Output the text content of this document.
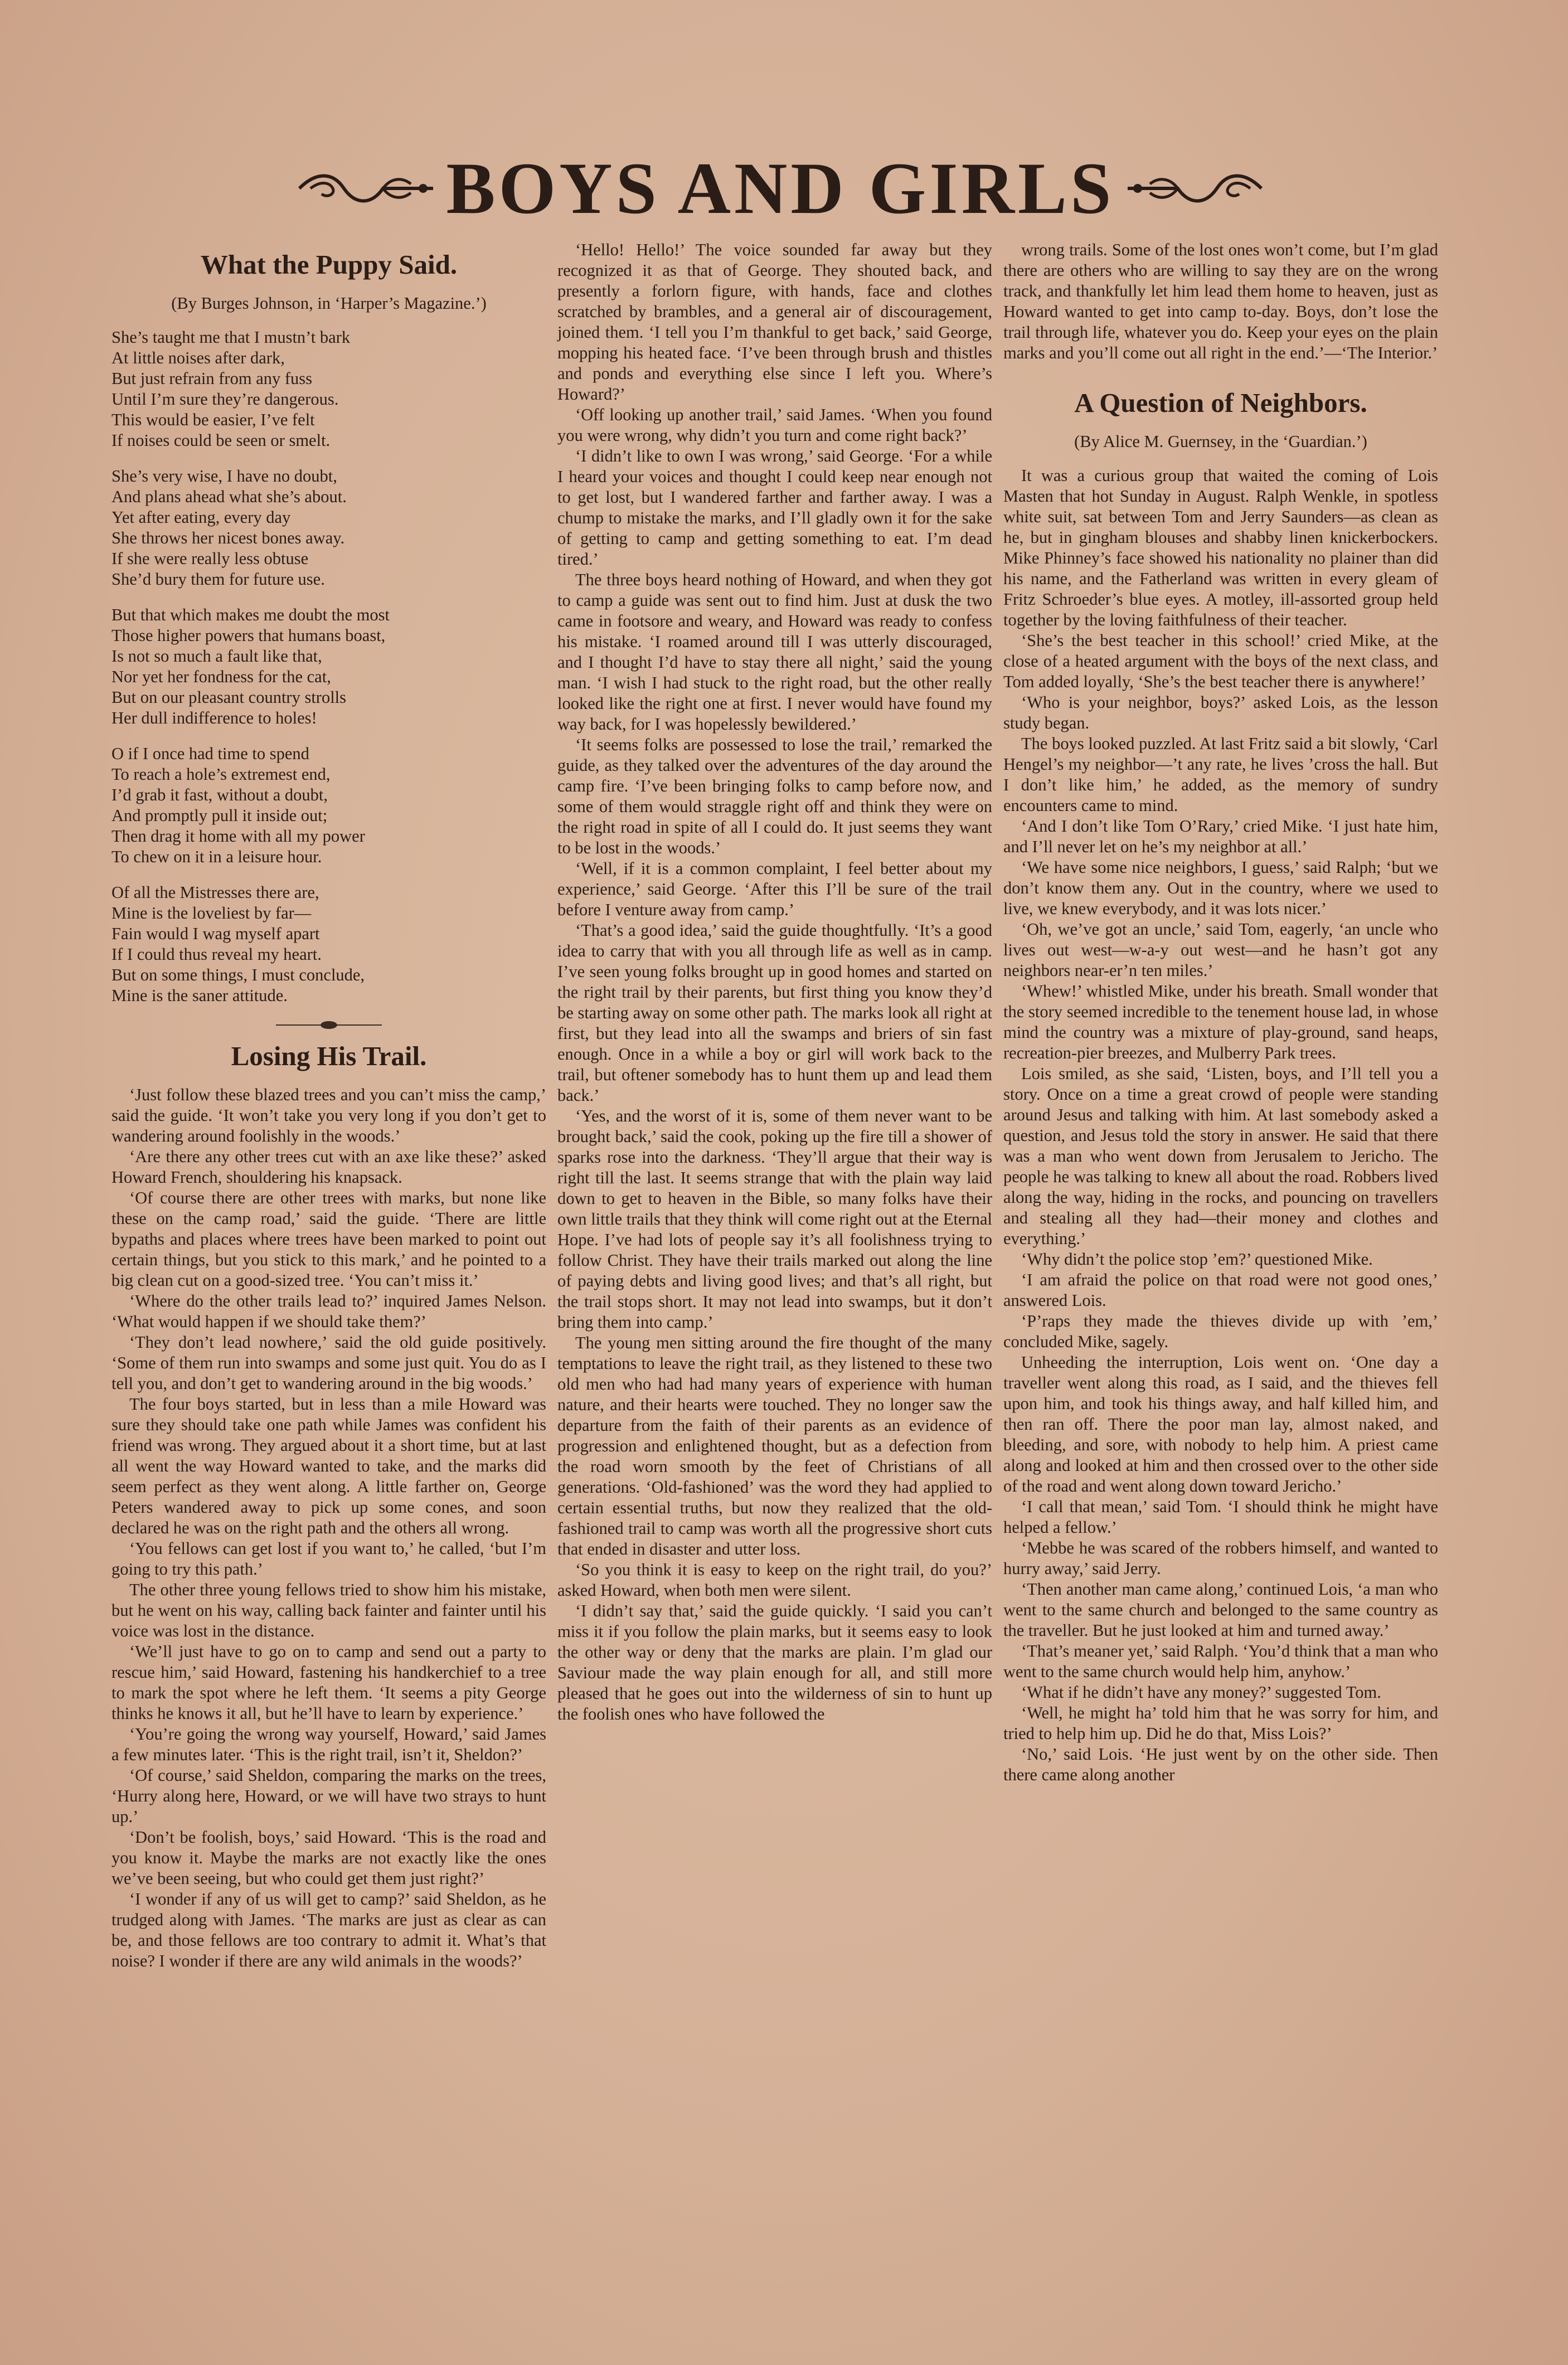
BOYS AND GIRLS
What the Puppy Said.
(By Burges Johnson, in ‘Harper’s Magazine.’)

She’s taught me that I mustn’t bark

At little noises after dark,

But just refrain from any fuss

Until I’m sure they’re dangerous.

This would be easier, I’ve felt

If noises could be seen or smelt.

She’s very wise, I have no doubt,

And plans ahead what she’s about.

Yet after eating, every day

She throws her nicest bones away.

If she were really less obtuse

She’d bury them for future use.

But that which makes me doubt the most

Those higher powers that humans boast,

Is not so much a fault like that,

Nor yet her fondness for the cat,

But on our pleasant country strolls

Her dull indifference to holes!

O if I once had time to spend

To reach a hole’s extremest end,

I’d grab it fast, without a doubt,

And promptly pull it inside out;

Then drag it home with all my power

To chew on it in a leisure hour.

Of all the Mistresses there are,

Mine is the loveliest by far—

Fain would I wag myself apart

If I could thus reveal my heart.

But on some things, I must conclude,

Mine is the saner attitude.

Losing His Trail.

‘Just follow these blazed trees and you can’t miss the camp,’ said the guide. ‘It won’t take you very long if you don’t get to wandering around foolishly in the woods.’

‘Are there any other trees cut with an axe like these?’ asked Howard French, shouldering his knapsack.

‘Of course there are other trees with marks, but none like these on the camp road,’ said the guide. ‘There are little bypaths and places where trees have been marked to point out certain things, but you stick to this mark,’ and he pointed to a big clean cut on a good-sized tree. ‘You can’t miss it.’

‘Where do the other trails lead to?’ inquired James Nelson. ‘What would happen if we should take them?’

‘They don’t lead nowhere,’ said the old guide positively. ‘Some of them run into swamps and some just quit. You do as I tell you, and don’t get to wandering around in the big woods.’

The four boys started, but in less than a mile Howard was sure they should take one path while James was confident his friend was wrong. They argued about it a short time, but at last all went the way Howard wanted to take, and the marks did seem perfect as they went along. A little farther on, George Peters wandered away to pick up some cones, and soon declared he was on the right path and the others all wrong.

‘You fellows can get lost if you want to,’ he called, ‘but I’m going to try this path.’

The other three young fellows tried to show him his mistake, but he went on his way, calling back fainter and fainter until his voice was lost in the distance.

‘We’ll just have to go on to camp and send out a party to rescue him,’ said Howard, fastening his handkerchief to a tree to mark the spot where he left them. ‘It seems a pity George thinks he knows it all, but he’ll have to learn by experience.’

‘You’re going the wrong way yourself, Howard,’ said James a few minutes later. ‘This is the right trail, isn’t it, Sheldon?’

‘Of course,’ said Sheldon, comparing the marks on the trees, ‘Hurry along here, Howard, or we will have two strays to hunt up.’

‘Don’t be foolish, boys,’ said Howard. ‘This is the road and you know it. Maybe the marks are not exactly like the ones we’ve been seeing, but who could get them just right?’

‘I wonder if any of us will get to camp?’ said Sheldon, as he trudged along with James. ‘The marks are just as clear as can be, and those fellows are too contrary to admit it. What’s that noise? I wonder if there are any wild animals in the woods?’

‘Hello! Hello!’ The voice sounded far away but they recognized it as that of George. They shouted back, and presently a forlorn figure, with hands, face and clothes scratched by brambles, and a general air of discouragement, joined them. ‘I tell you I’m thankful to get back,’ said George, mopping his heated face. ‘I’ve been through brush and thistles and ponds and everything else since I left you. Where’s Howard?’

‘Off looking up another trail,’ said James. ‘When you found you were wrong, why didn’t you turn and come right back?’

‘I didn’t like to own I was wrong,’ said George. ‘For a while I heard your voices and thought I could keep near enough not to get lost, but I wandered farther and farther away. I was a chump to mistake the marks, and I’ll gladly own it for the sake of getting to camp and getting something to eat. I’m dead tired.’

The three boys heard nothing of Howard, and when they got to camp a guide was sent out to find him. Just at dusk the two came in footsore and weary, and Howard was ready to confess his mistake. ‘I roamed around till I was utterly discouraged, and I thought I’d have to stay there all night,’ said the young man. ‘I wish I had stuck to the right road, but the other really looked like the right one at first. I never would have found my way back, for I was hopelessly bewildered.’

‘It seems folks are possessed to lose the trail,’ remarked the guide, as they talked over the adventures of the day around the camp fire. ‘I’ve been bringing folks to camp before now, and some of them would straggle right off and think they were on the right road in spite of all I could do. It just seems they want to be lost in the woods.’

‘Well, if it is a common complaint, I feel better about my experience,’ said George. ‘After this I’ll be sure of the trail before I venture away from camp.’

‘That’s a good idea,’ said the guide thoughtfully. ‘It’s a good idea to carry that with you all through life as well as in camp. I’ve seen young folks brought up in good homes and started on the right trail by their parents, but first thing you know they’d be starting away on some other path. The marks look all right at first, but they lead into all the swamps and briers of sin fast enough. Once in a while a boy or girl will work back to the trail, but oftener somebody has to hunt them up and lead them back.’

‘Yes, and the worst of it is, some of them never want to be brought back,’ said the cook, poking up the fire till a shower of sparks rose into the darkness. ‘They’ll argue that their way is right till the last. It seems strange that with the plain way laid down to get to heaven in the Bible, so many folks have their own little trails that they think will come right out at the Eternal Hope. I’ve had lots of people say it’s all foolishness trying to follow Christ. They have their trails marked out along the line of paying debts and living good lives; and that’s all right, but the trail stops short. It may not lead into swamps, but it don’t bring them into camp.’

The young men sitting around the fire thought of the many temptations to leave the right trail, as they listened to these two old men who had had many years of experience with human nature, and their hearts were touched. They no longer saw the departure from the faith of their parents as an evidence of progression and enlightened thought, but as a defection from the road worn smooth by the feet of Christians of all generations. ‘Old-fashioned’ was the word they had applied to certain essential truths, but now they realized that the old-fashioned trail to camp was worth all the progressive short cuts that ended in disaster and utter loss.

‘So you think it is easy to keep on the right trail, do you?’ asked Howard, when both men were silent.

‘I didn’t say that,’ said the guide quickly. ‘I said you can’t miss it if you follow the plain marks, but it seems easy to look the other way or deny that the marks are plain. I’m glad our Saviour made the way plain enough for all, and still more pleased that he goes out into the wilderness of sin to hunt up the foolish ones who have followed the

wrong trails. Some of the lost ones won’t come, but I’m glad there are others who are willing to say they are on the wrong track, and thankfully let him lead them home to heaven, just as Howard wanted to get into camp to-day. Boys, don’t lose the trail through life, whatever you do. Keep your eyes on the plain marks and you’ll come out all right in the end.’—‘The Interior.’

A Question of Neighbors.
(By Alice M. Guernsey, in the ‘Guardian.’)

It was a curious group that waited the coming of Lois Masten that hot Sunday in August. Ralph Wenkle, in spotless white suit, sat between Tom and Jerry Saunders—as clean as he, but in gingham blouses and shabby linen knickerbockers. Mike Phinney’s face showed his nationality no plainer than did his name, and the Fatherland was written in every gleam of Fritz Schroeder’s blue eyes. A motley, ill-assorted group held together by the loving faithfulness of their teacher.

‘She’s the best teacher in this school!’ cried Mike, at the close of a heated argument with the boys of the next class, and Tom added loyally, ‘She’s the best teacher there is anywhere!’

‘Who is your neighbor, boys?’ asked Lois, as the lesson study began.

The boys looked puzzled. At last Fritz said a bit slowly, ‘Carl Hengel’s my neighbor—’t any rate, he lives ’cross the hall. But I don’t like him,’ he added, as the memory of sundry encounters came to mind.

‘And I don’t like Tom O’Rary,’ cried Mike. ‘I just hate him, and I’ll never let on he’s my neighbor at all.’

‘We have some nice neighbors, I guess,’ said Ralph; ‘but we don’t know them any. Out in the country, where we used to live, we knew everybody, and it was lots nicer.’

‘Oh, we’ve got an uncle,’ said Tom, eagerly, ‘an uncle who lives out west—w-a-y out west—and he hasn’t got any neighbors near-er’n ten miles.’

‘Whew!’ whistled Mike, under his breath. Small wonder that the story seemed incredible to the tenement house lad, in whose mind the country was a mixture of play-ground, sand heaps, recreation-pier breezes, and Mulberry Park trees.

Lois smiled, as she said, ‘Listen, boys, and I’ll tell you a story. Once on a time a great crowd of people were standing around Jesus and talking with him. At last somebody asked a question, and Jesus told the story in answer. He said that there was a man who went down from Jerusalem to Jericho. The people he was talking to knew all about the road. Robbers lived along the way, hiding in the rocks, and pouncing on travellers and stealing all they had—their money and clothes and everything.’

‘Why didn’t the police stop ’em?’ questioned Mike.

‘I am afraid the police on that road were not good ones,’ answered Lois.

‘P’raps they made the thieves divide up with ’em,’ concluded Mike, sagely.

Unheeding the interruption, Lois went on. ‘One day a traveller went along this road, as I said, and the thieves fell upon him, and took his things away, and half killed him, and then ran off. There the poor man lay, almost naked, and bleeding, and sore, with nobody to help him. A priest came along and looked at him and then crossed over to the other side of the road and went along down toward Jericho.’

‘I call that mean,’ said Tom. ‘I should think he might have helped a fellow.’

‘Mebbe he was scared of the robbers himself, and wanted to hurry away,’ said Jerry.

‘Then another man came along,’ continued Lois, ‘a man who went to the same church and belonged to the same country as the traveller. But he just looked at him and turned away.’

‘That’s meaner yet,’ said Ralph. ‘You’d think that a man who went to the same church would help him, anyhow.’

‘What if he didn’t have any money?’ suggested Tom.

‘Well, he might ha’ told him that he was sorry for him, and tried to help him up. Did he do that, Miss Lois?’

‘No,’ said Lois. ‘He just went by on the other side. Then there came along another
